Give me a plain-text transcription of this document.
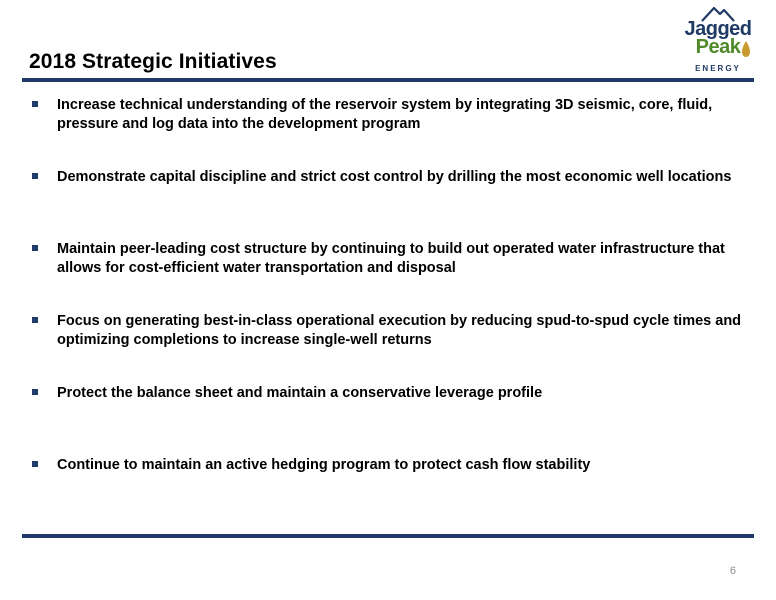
2018 Strategic Initiatives
Jagged
Peak
ENERGY
Increase technical understanding of the reservoir system by integrating 3D seismic, core, fluid, pressure and log data into the development program
Demonstrate capital discipline and strict cost control by drilling the most economic well locations
Maintain peer-leading cost structure by continuing to build out operated water infrastructure that allows for cost-efficient water transportation and disposal
Focus on generating best-in-class operational execution by reducing spud-to-spud cycle times and optimizing completions to increase single-well returns
Protect the balance sheet and maintain a conservative leverage profile
Continue to maintain an active hedging program to protect cash flow stability
6
